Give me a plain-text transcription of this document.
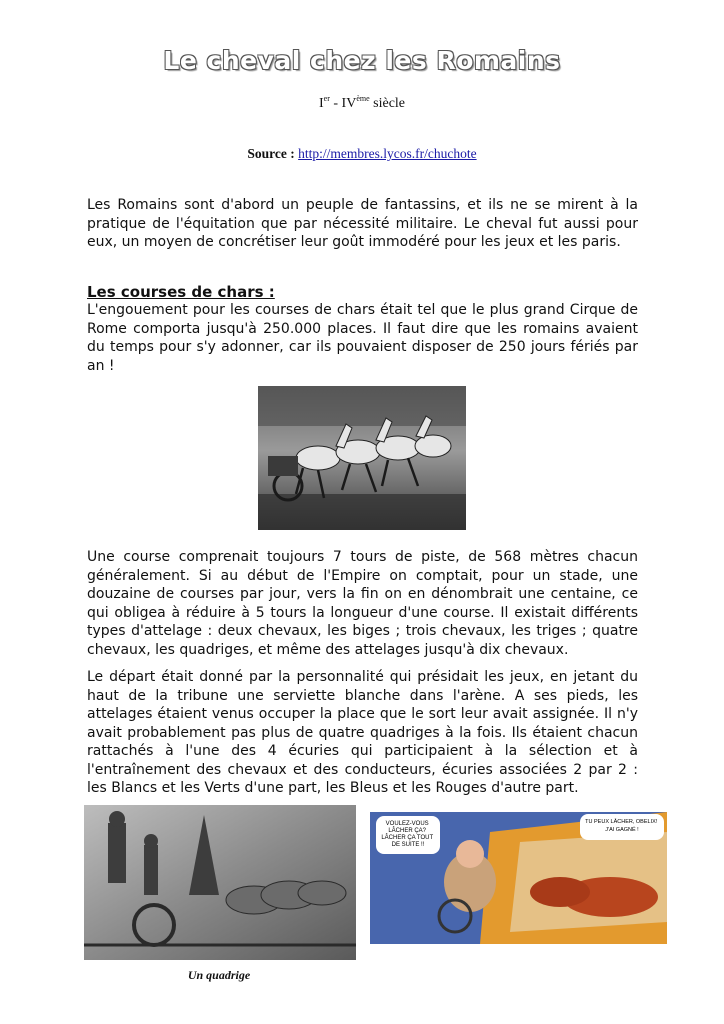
Le cheval chez les Romains
Ier - IVème siècle
Source : http://membres.lycos.fr/chuchote

Les Romains sont d'abord un peuple de fantassins, et ils ne se mirent à la pratique de l'équitation que par nécessité militaire. Le cheval fut aussi pour eux, un moyen de concrétiser leur goût immodéré pour les jeux et les paris.

Les courses de chars :

L'engouement pour les courses de chars était tel que le plus grand Cirque de Rome comporta jusqu'à 250.000 places. Il faut dire que les romains avaient du temps pour s'y adonner, car ils pouvaient disposer de 250 jours fériés par an !

Une course comprenait toujours 7 tours de piste, de 568 mètres chacun généralement. Si au début de l'Empire on comptait, pour un stade, une douzaine de courses par jour, vers la fin on en dénombrait une centaine, ce qui obligea à réduire à 5 tours la longueur d'une course. Il existait différents types d'attelage : deux chevaux, les biges ; trois chevaux, les triges ; quatre chevaux, les quadriges, et même des attelages jusqu'à dix chevaux.

Le départ était donné par la personnalité qui présidait les jeux, en jetant du haut de la tribune une serviette blanche dans l'arène. A ses pieds, les attelages étaient venus occuper la place que le sort leur avait assignée. Il n'y avait probablement pas plus de quatre quadriges à la fois. Ils étaient chacun rattachés à l'une des 4 écuries qui participaient à la sélection et à l'entraînement des chevaux et des conducteurs, écuries associées 2 par 2 : les Blancs et les Verts d'une part, les Bleus et les Rouges d'autre part.

VOULEZ-VOUS LÂCHER ÇA? LÂCHER ÇA TOUT DE SUITE !!
TU PEUX LÂCHER, OBELIX! J'AI GAGNÉ !
Un quadrige
